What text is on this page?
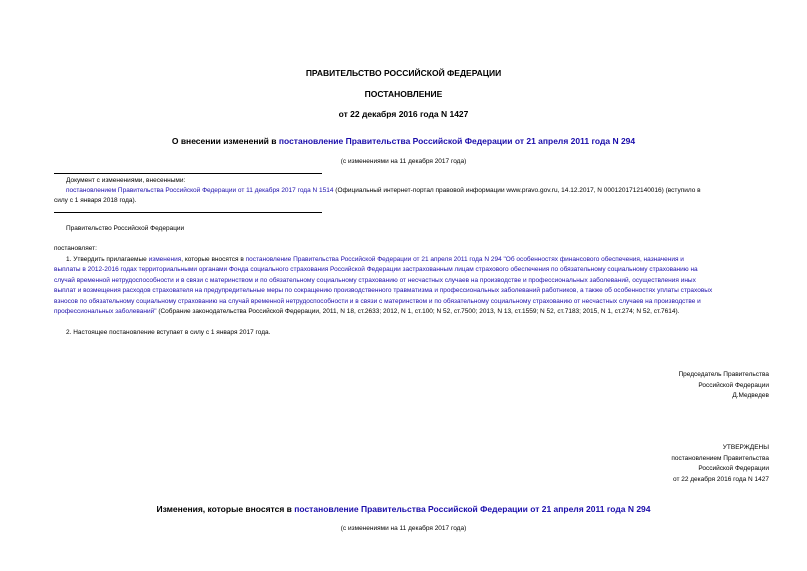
ПРАВИТЕЛЬСТВО РОССИЙСКОЙ ФЕДЕРАЦИИ
ПОСТАНОВЛЕНИЕ
от 22 декабря 2016 года N 1427
О внесении изменений в постановление Правительства Российской Федерации от 21 апреля 2011 года N 294
(с изменениями на 11 декабря 2017 года)
Документ с изменениями, внесенными:
постановлением Правительства Российской Федерации от 11 декабря 2017 года N 1514 (Официальный интернет-портал правовой информации www.pravo.gov.ru, 14.12.2017, N 0001201712140016) (вступило в
силу с 1 января 2018 года).
Правительство Российской Федерации
постановляет:
1. Утвердить прилагаемые изменения, которые вносятся в постановление Правительства Российской Федерации от 21 апреля 2011 года N 294 "Об особенностях финансового обеспечения, назначения и
выплаты в 2012-2016 годах территориальными органами Фонда социального страхования Российской Федерации застрахованным лицам страхового обеспечения по обязательному социальному страхованию на
случай временной нетрудоспособности и в связи с материнством и по обязательному социальному страхованию от несчастных случаев на производстве и профессиональных заболеваний, осуществления иных
выплат и возмещения расходов страхователя на предупредительные меры по сокращению производственного травматизма и профессиональных заболеваний работников, а также об особенностях уплаты страховых
взносов по обязательному социальному страхованию на случай временной нетрудоспособности и в связи с материнством и по обязательному социальному страхованию от несчастных случаев на производстве и
профессиональных заболеваний" (Собрание законодательства Российской Федерации, 2011, N 18, ст.2633; 2012, N 1, ст.100; N 52, ст.7500; 2013, N 13, ст.1559; N 52, ст.7183; 2015, N 1, ст.274; N 52, ст.7614).
2. Настоящее постановление вступает в силу с 1 января 2017 года.
Председатель Правительства
Российской Федерации
Д.Медведев
УТВЕРЖДЕНЫ
постановлением Правительства
Российской Федерации
от 22 декабря 2016 года N 1427
Изменения, которые вносятся в постановление Правительства Российской Федерации от 21 апреля 2011 года N 294
(с изменениями на 11 декабря 2017 года)
